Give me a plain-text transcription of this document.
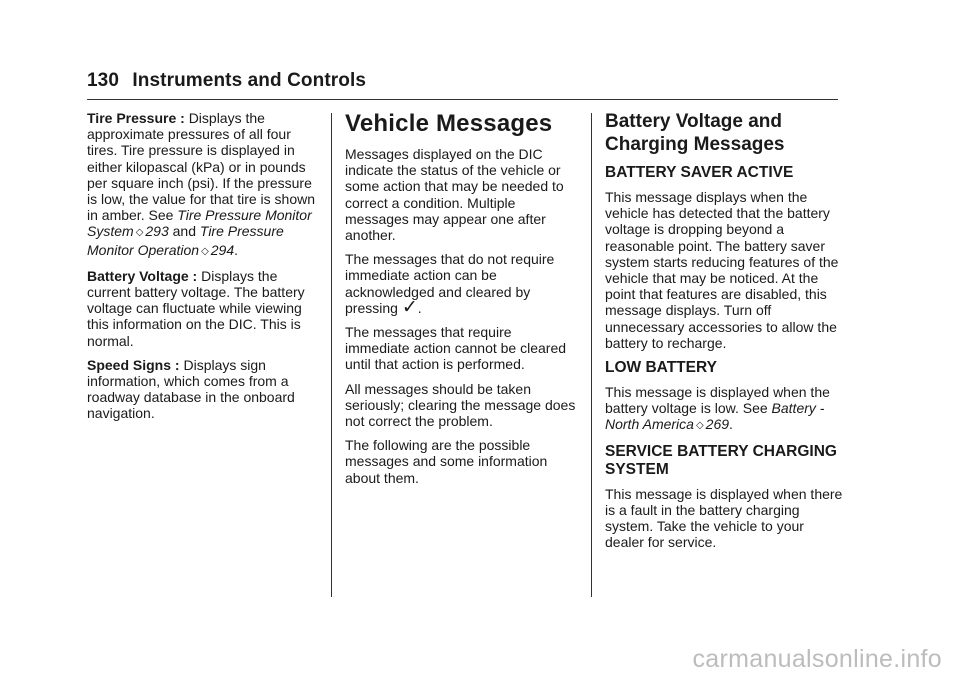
130 Instruments and Controls

Tire Pressure : Displays the approximate pressures of all four tires. Tire pressure is displayed in either kilopascal (kPa) or in pounds per square inch (psi). If the pressure is low, the value for that tire is shown in amber. See Tire Pressure Monitor System ◇ 293 and Tire Pressure Monitor Operation ◇ 294.

Battery Voltage : Displays the current battery voltage. The battery voltage can fluctuate while viewing this information on the DIC. This is normal.

Speed Signs : Displays sign information, which comes from a roadway database in the onboard navigation.

Vehicle Messages

Messages displayed on the DIC indicate the status of the vehicle or some action that may be needed to correct a condition. Multiple messages may appear one after another.

The messages that do not require immediate action can be acknowledged and cleared by pressing ✓.

The messages that require immediate action cannot be cleared until that action is performed.

All messages should be taken seriously; clearing the message does not correct the problem.

The following are the possible messages and some information about them.

Battery Voltage and Charging Messages
BATTERY SAVER ACTIVE

This message displays when the vehicle has detected that the battery voltage is dropping beyond a reasonable point. The battery saver system starts reducing features of the vehicle that may be noticed. At the point that features are disabled, this message displays. Turn off unnecessary accessories to allow the battery to recharge.

LOW BATTERY

This message is displayed when the battery voltage is low. See Battery - North America ◇ 269.

SERVICE BATTERY CHARGING SYSTEM

This message is displayed when there is a fault in the battery charging system. Take the vehicle to your dealer for service.

carmanualsonline.info
